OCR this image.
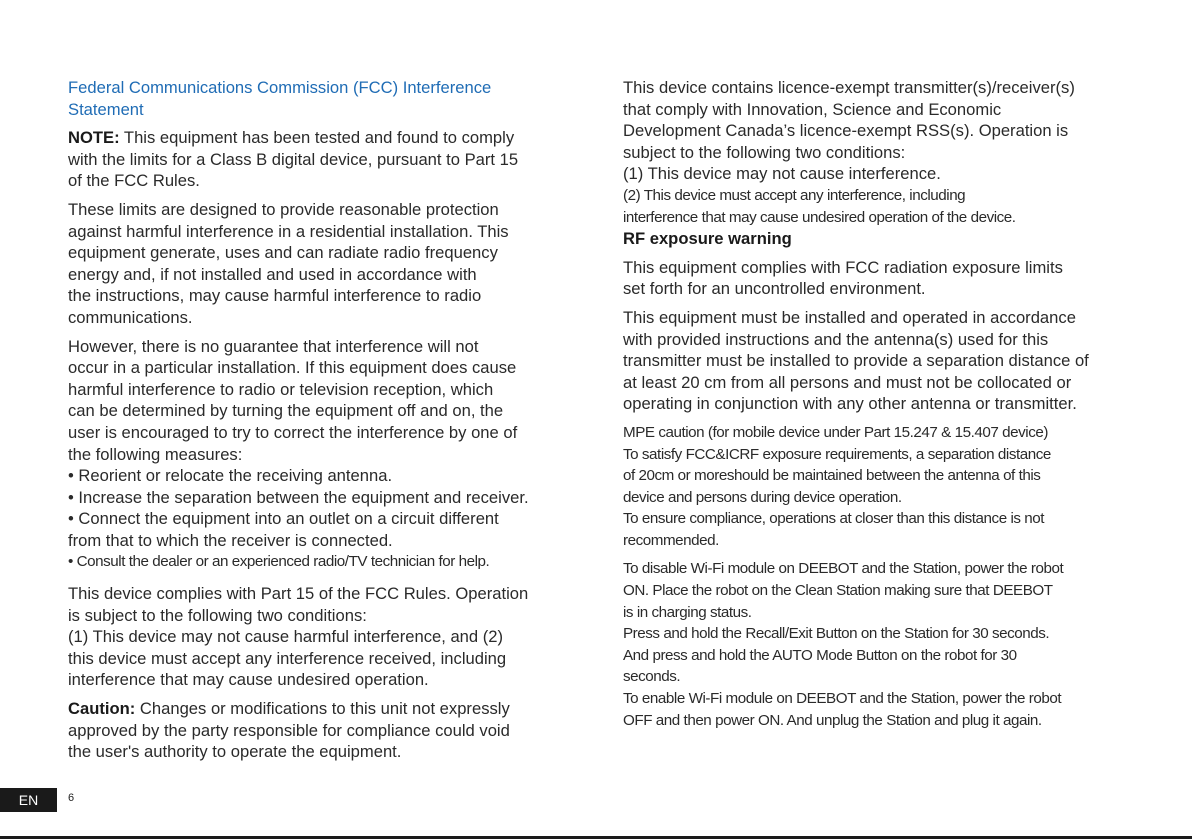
Federal Communications Commission (FCC) Interference
Statement
NOTE: This equipment has been tested and found to comply
with the limits for a Class B digital device, pursuant to Part 15
of the FCC Rules.
These limits are designed to provide reasonable protection
against harmful interference in a residential installation. This
equipment generate, uses and can radiate radio frequency
energy and, if not installed and used in accordance with
the instructions, may cause harmful interference to radio
communications.
However, there is no guarantee that interference will not
occur in a particular installation. If this equipment does cause
harmful interference to radio or television reception, which
can be determined by turning the equipment off and on, the
user is encouraged to try to correct the interference by one of
the following measures:
• Reorient or relocate the receiving antenna.
• Increase the separation between the equipment and receiver.
• Connect the equipment into an outlet on a circuit different
from that to which the receiver is connected.
• Consult the dealer or an experienced radio/TV technician for help.
This device complies with Part 15 of the FCC Rules. Operation
is subject to the following two conditions:
(1) This device may not cause harmful interference, and (2)
this device must accept any interference received, including
interference that may cause undesired operation.
Caution: Changes or modifications to this unit not expressly
approved by the party responsible for compliance could void
the user's authority to operate the equipment.
This device contains licence-exempt transmitter(s)/receiver(s)
that comply with Innovation, Science and Economic
Development Canada’s licence-exempt RSS(s). Operation is
subject to the following two conditions:
(1) This device may not cause interference.
(2) This device must accept any interference, including
interference that may cause undesired operation of the device.
RF exposure warning
This equipment complies with FCC radiation exposure limits
set forth for an uncontrolled environment.
This equipment must be installed and operated in accordance
with provided instructions and the antenna(s) used for this
transmitter must be installed to provide a separation distance of
at least 20 cm from all persons and must not be collocated or
operating in conjunction with any other antenna or transmitter.
MPE caution (for mobile device under Part 15.247 & 15.407 device)
To satisfy FCC&ICRF exposure requirements, a separation distance
of 20cm or moreshould be maintained between the antenna of this
device and persons during device operation.
To ensure compliance, operations at closer than this distance is not
recommended.
To disable Wi-Fi module on DEEBOT and the Station, power the robot
ON. Place the robot on the Clean Station making sure that DEEBOT
is in charging status.
Press and hold the Recall/Exit Button on the Station for 30 seconds.
And press and hold the AUTO Mode Button on the robot for 30
seconds.
To enable Wi-Fi module on DEEBOT and the Station, power the robot
OFF and then power ON. And unplug the Station and plug it again.
EN	6
